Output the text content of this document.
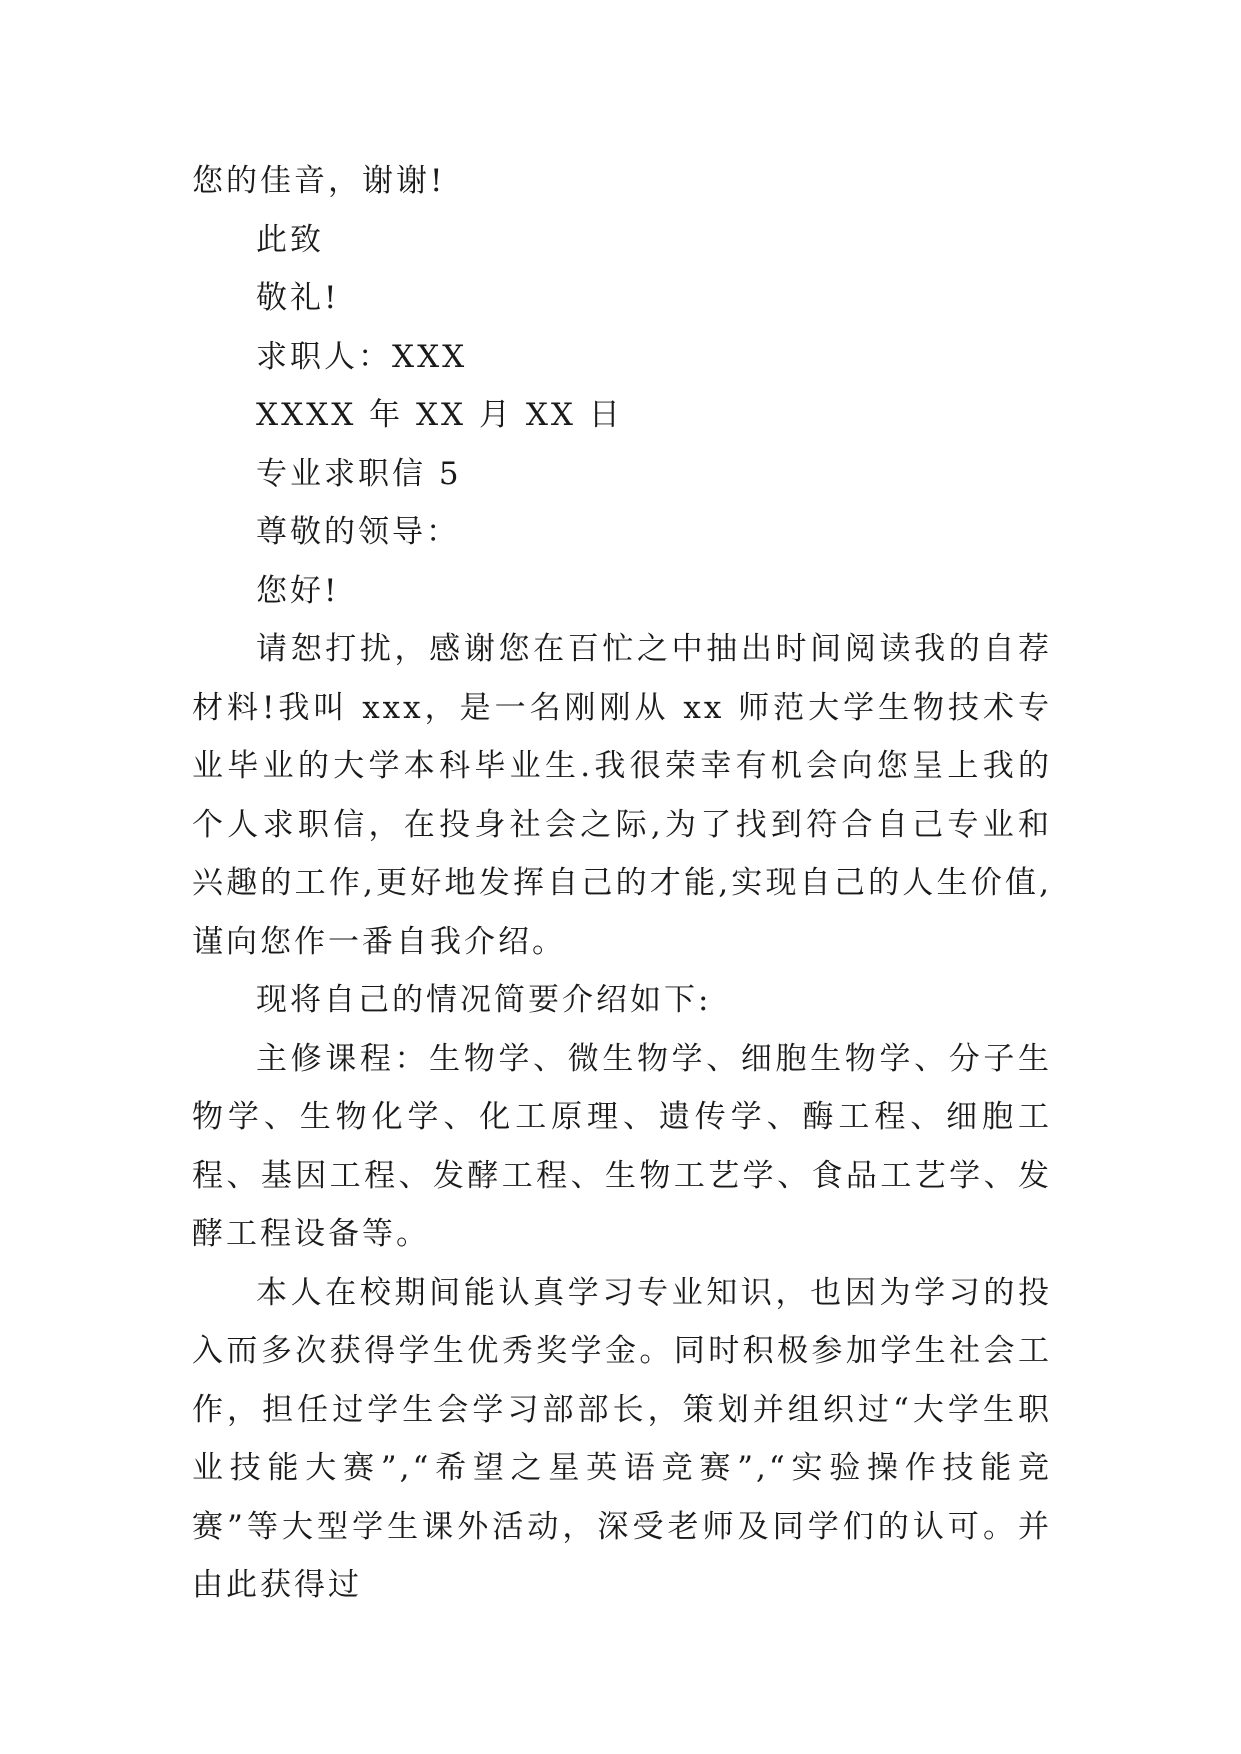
您的佳音，谢谢!
此致
敬礼!
求职人：XXX
XXXX 年 XX 月 XX 日
专业求职信 5
尊敬的领导：
您好!
请恕打扰，感谢您在百忙之中抽出时间阅读我的自荐材料!我叫 xxx，是一名刚刚从 xx 师范大学生物技术专业毕业的大学本科毕业生.我很荣幸有机会向您呈上我的个人求职信，在投身社会之际,为了找到符合自己专业和兴趣的工作,更好地发挥自己的才能,实现自己的人生价值,谨向您作一番自我介绍。
现将自己的情况简要介绍如下:
主修课程：生物学、微生物学、细胞生物学、分子生物学、生物化学、化工原理、遗传学、酶工程、细胞工程、基因工程、发酵工程、生物工艺学、食品工艺学、发酵工程设备等。
本人在校期间能认真学习专业知识，也因为学习的投入而多次获得学生优秀奖学金。同时积极参加学生社会工作，担任过学生会学习部部长，策划并组织过“大学生职业技能大赛”,“希望之星英语竞赛”,“实验操作技能竞赛”等大型学生课外活动，深受老师及同学们的认可。并由此获得过
